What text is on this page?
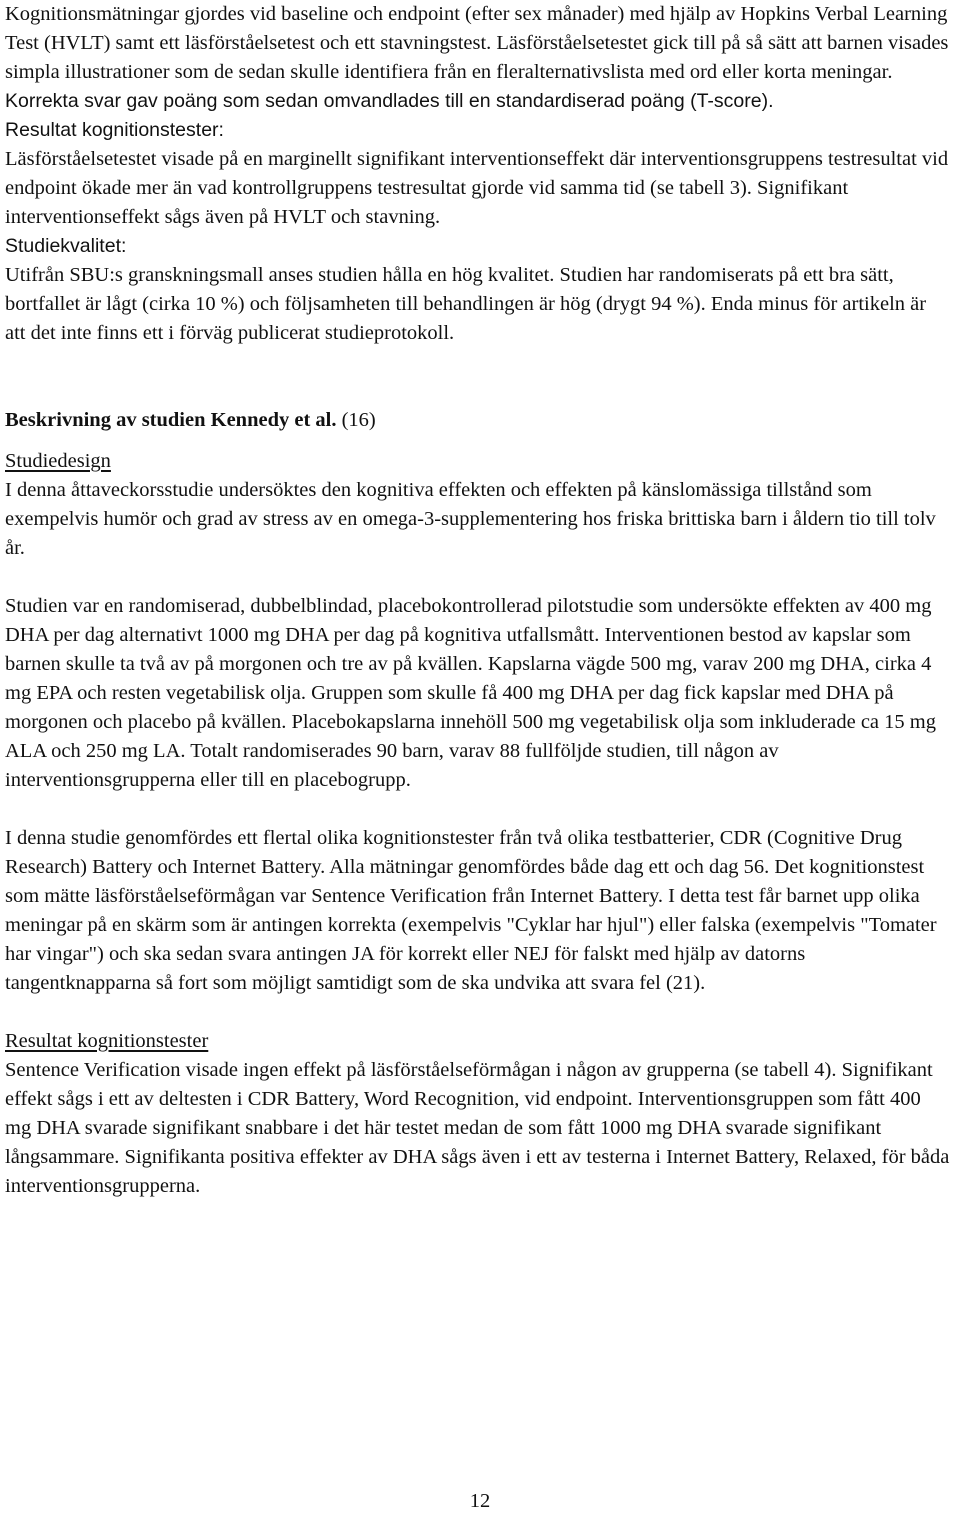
Kognitionsmätningar gjordes vid baseline och endpoint (efter sex månader) med hjälp av Hopkins Verbal Learning Test (HVLT) samt ett läsförståelsetest och ett stavningstest. Läsförståelsetestet gick till på så sätt att barnen visades simpla illustrationer som de sedan skulle identifiera från en fleralternativslista med ord eller korta meningar. Korrekta svar gav poäng som sedan omvandlades till en standardiserad poäng (T-score).

Resultat kognitionstester:

Läsförståelsetestet visade på en marginellt signifikant interventionseffekt där interventionsgruppens testresultat vid endpoint ökade mer än vad kontrollgruppens testresultat gjorde vid samma tid (se tabell 3). Signifikant interventionseffekt sågs även på HVLT och stavning.

Studiekvalitet:

Utifrån SBU:s granskningsmall anses studien hålla en hög kvalitet. Studien har randomiserats på ett bra sätt, bortfallet är lågt (cirka 10 %) och följsamheten till behandlingen är hög (drygt 94 %). Enda minus för artikeln är att det inte finns ett i förväg publicerat studieprotokoll.

Beskrivning av studien Kennedy et al. (16)

Studiedesign

I denna åttaveckorsstudie undersöktes den kognitiva effekten och effekten på känslomässiga tillstånd som exempelvis humör och grad av stress av en omega-3-supplementering hos friska brittiska barn i åldern tio till tolv år.

Studien var en randomiserad, dubbelblindad, placebokontrollerad pilotstudie som undersökte effekten av 400 mg DHA per dag alternativt 1000 mg DHA per dag på kognitiva utfallsmått. Interventionen bestod av kapslar som barnen skulle ta två av på morgonen och tre av på kvällen. Kapslarna vägde 500 mg, varav 200 mg DHA, cirka 4 mg EPA och resten vegetabilisk olja. Gruppen som skulle få 400 mg DHA per dag fick kapslar med DHA på morgonen och placebo på kvällen. Placebokapslarna innehöll 500 mg vegetabilisk olja som inkluderade ca 15 mg ALA och 250 mg LA. Totalt randomiserades 90 barn, varav 88 fullföljde studien, till någon av interventionsgrupperna eller till en placebogrupp.

I denna studie genomfördes ett flertal olika kognitionstester från två olika testbatterier, CDR (Cognitive Drug Research) Battery och Internet Battery. Alla mätningar genomfördes både dag ett och dag 56. Det kognitionstest som mätte läsförståelseförmågan var Sentence Verification från Internet Battery. I detta test får barnet upp olika meningar på en skärm som är antingen korrekta (exempelvis "Cyklar har hjul") eller falska (exempelvis "Tomater har vingar") och ska sedan svara antingen JA för korrekt eller NEJ för falskt med hjälp av datorns tangentknapparna så fort som möjligt samtidigt som de ska undvika att svara fel (21).

Resultat kognitionstester

Sentence Verification visade ingen effekt på läsförståelseförmågan i någon av grupperna (se tabell 4). Signifikant effekt sågs i ett av deltesten i CDR Battery, Word Recognition, vid endpoint. Interventionsgruppen som fått 400 mg DHA svarade signifikant snabbare i det här testet medan de som fått 1000 mg DHA svarade signifikant långsammare. Signifikanta positiva effekter av DHA sågs även i ett av testerna i Internet Battery, Relaxed, för båda interventionsgrupperna.

12
